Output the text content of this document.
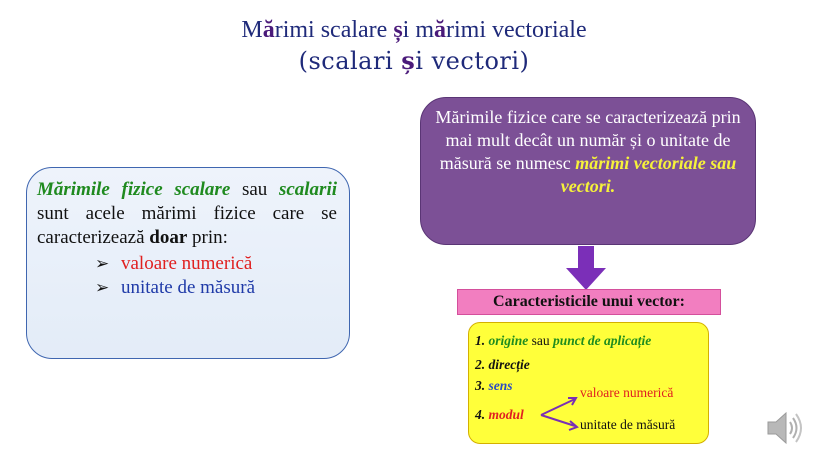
Mărimi scalare și mărimi vectoriale
(scalari și vectori)
Mărimile fizice scalare sau scalarii sunt acele mărimi fizice care se caracterizează doar prin:
➢ valoare numerică
➢ unitate de măsură
Mărimile fizice care se caracterizează prin mai mult decât un număr și o unitate de măsură se numesc mărimi vectoriale sau vectori.
Caracteristicile unui vector:
1. origine sau punct de aplicație
2. direcție
3. sens
4. modul
valoare numerică
unitate de măsură
